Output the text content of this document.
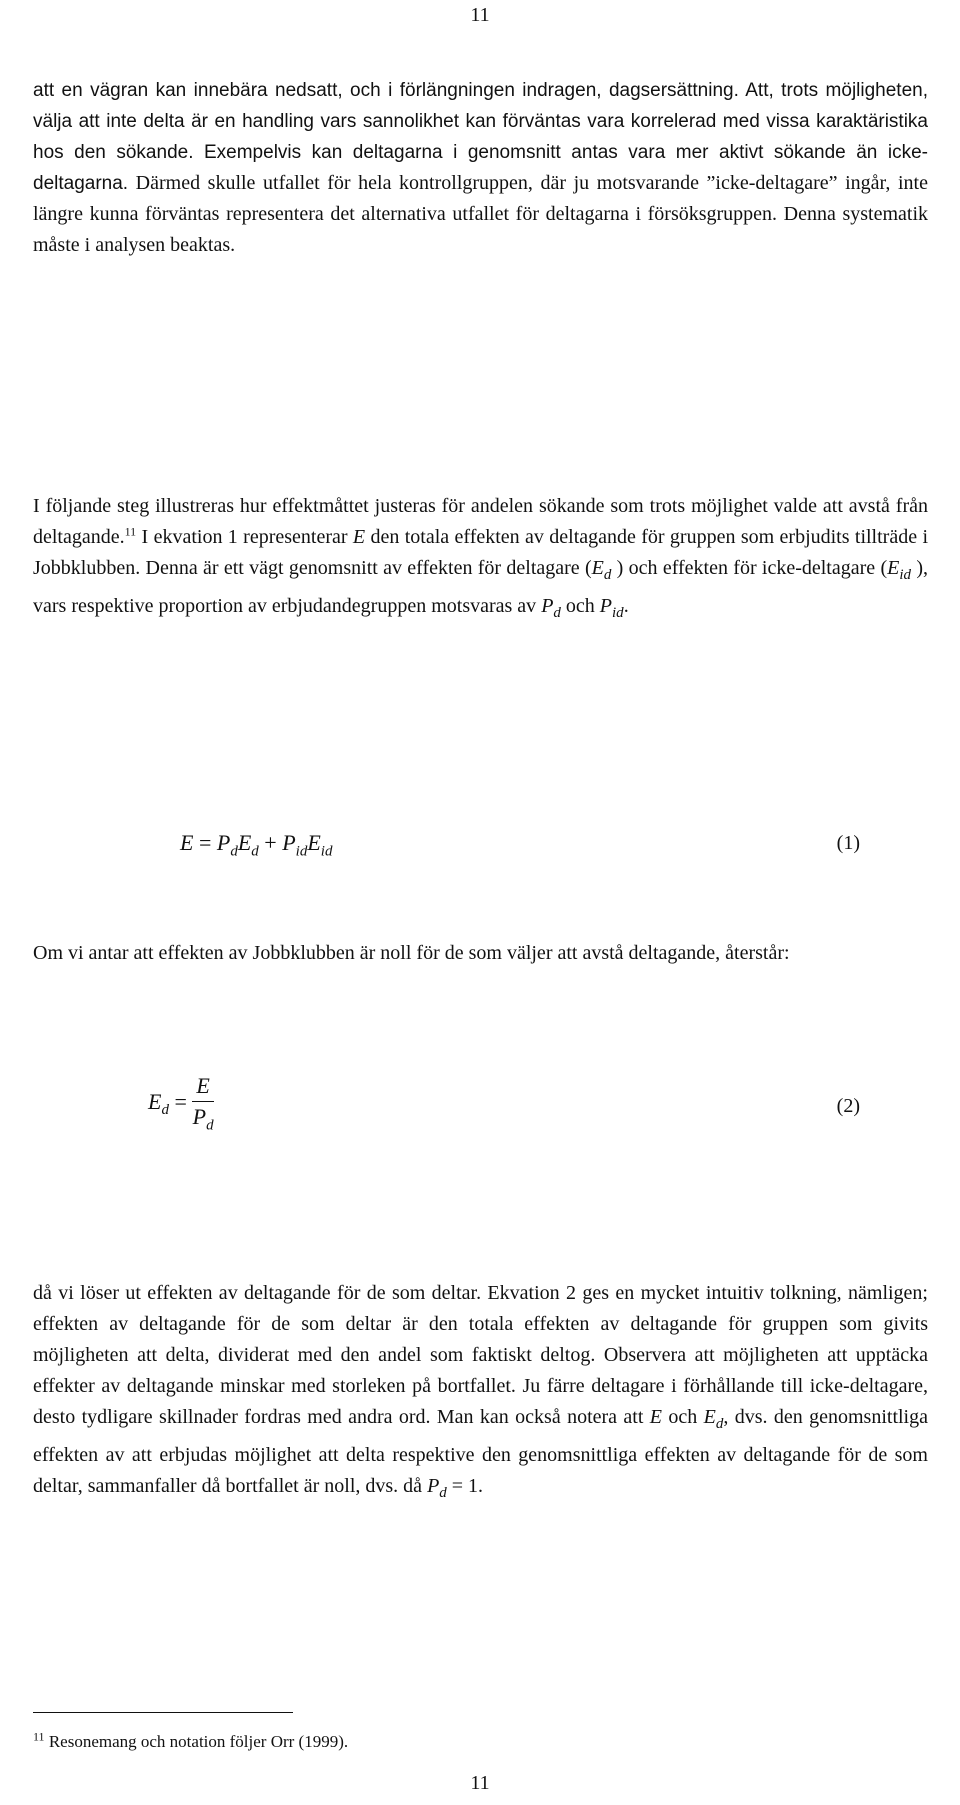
11

att en vägran kan innebära nedsatt, och i förlängningen indragen, dagsersättning. Att, trots möjligheten, välja att inte delta är en handling vars sannolikhet kan förväntas vara korrelerad med vissa karaktäristika hos den sökande. Exempelvis kan deltagarna i genomsnitt antas vara mer aktivt sökande än icke-deltagarna. Därmed skulle utfallet för hela kontrollgruppen, där ju motsvarande ”icke-deltagare” ingår, inte längre kunna förväntas representera det alternativa utfallet för deltagarna i försöksgruppen. Denna systematik måste i analysen beaktas.

I följande steg illustreras hur effektmåttet justeras för andelen sökande som trots möjlighet valde att avstå från deltagande.$^{11}$ I ekvation 1 representerar E den totala effekten av deltagande för gruppen som erbjudits tillträde i Jobbklubben. Denna är ett vägt genomsnitt av effekten för deltagare ($E_d$ ) och effekten för icke-deltagare ($E_{id}$ ), vars respektive proportion av erbjudandegruppen motsvaras av $P_d$ och $P_{id}$.

$E = P_dE_d + P_{id}E_{id}$	(1)

Om vi antar att effekten av Jobbklubben är noll för de som väljer att avstå deltagande, återstår:

$E_d = \frac{E}{P_d}$	(2)

då vi löser ut effekten av deltagande för de som deltar. Ekvation 2 ges en mycket intuitiv tolkning, nämligen; effekten av deltagande för de som deltar är den totala effekten av deltagande för gruppen som givits möjligheten att delta, dividerat med den andel som faktiskt deltog. Observera att möjligheten att upptäcka effekter av deltagande minskar med storleken på bortfallet. Ju färre deltagare i förhållande till icke-deltagare, desto tydligare skillnader fordras med andra ord. Man kan också notera att E och $E_d$, dvs. den genomsnittliga effekten av att erbjudas möjlighet att delta respektive den genomsnittliga effekten av deltagande för de som deltar, sammanfaller då bortfallet är noll, dvs. då $P_d = 1$.

$^{11}$ Resonemang och notation följer Orr (1999).
11
